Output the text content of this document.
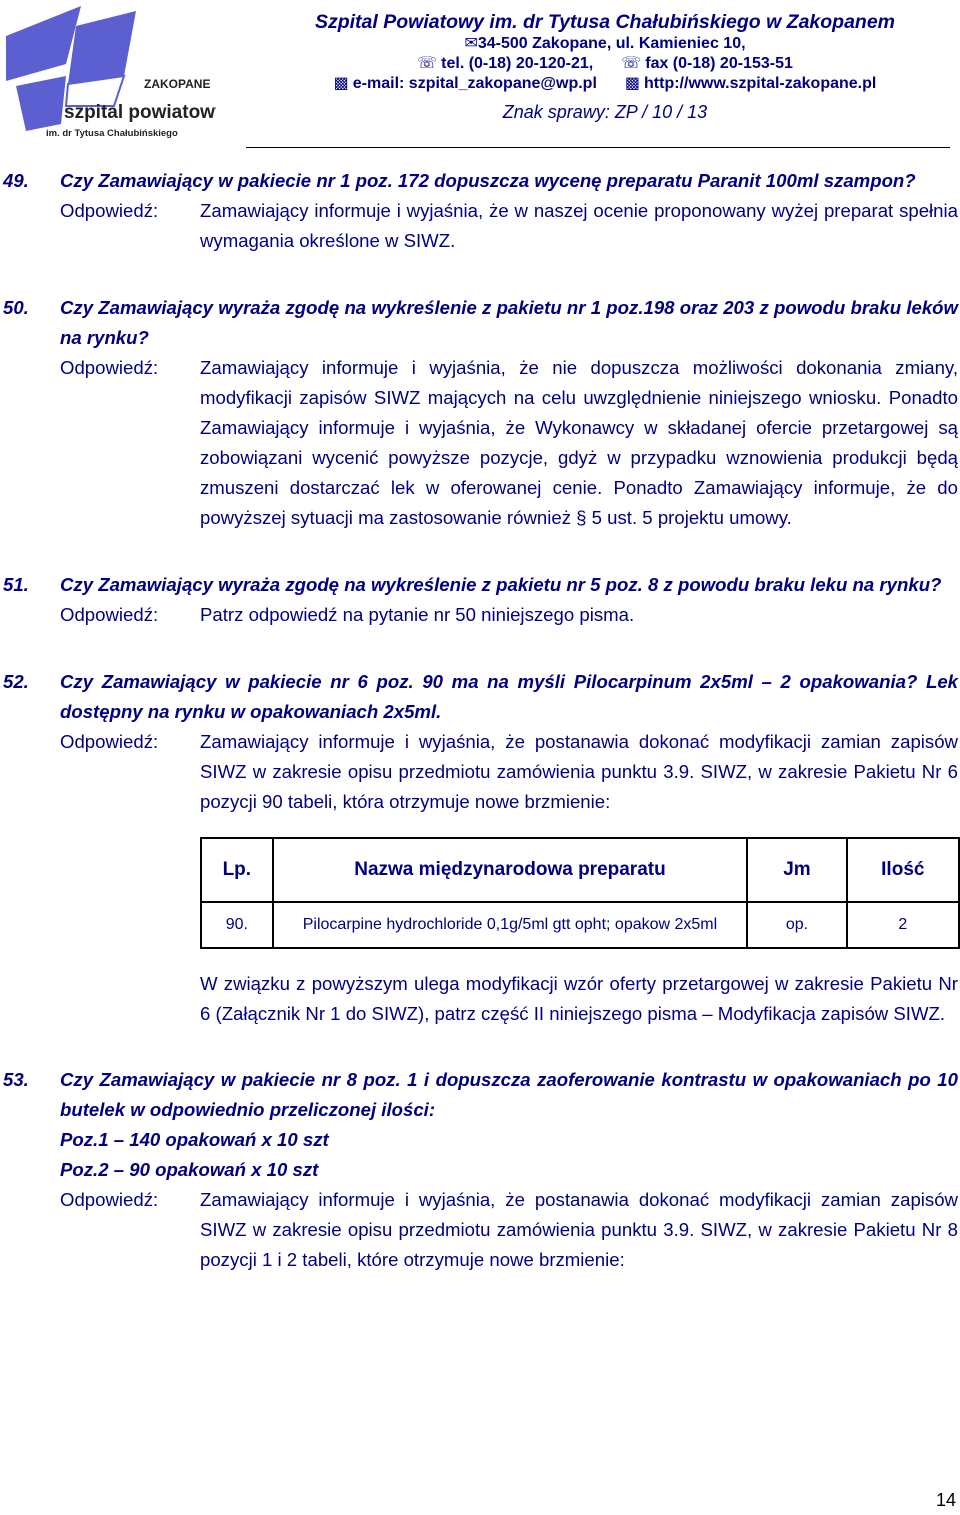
ZAKOPANE
szpital powiatowy
im. dr Tytusa Chałubińskiego
Szpital Powiatowy im. dr Tytusa Chałubińskiego w Zakopanem
✉34-500 Zakopane, ul. Kamieniec 10,
☏ tel. (0-18) 20-120-21, ☏ fax (0-18) 20-153-51
▩ e-mail: szpital_zakopane@wp.pl ▩ http://www.szpital-zakopane.pl
Znak sprawy: ZP / 10 / 13
49.	Czy Zamawiający w pakiecie nr 1 poz. 172 dopuszcza wycenę preparatu Paranit 100ml szampon?
Odpowiedź:	Zamawiający informuje i wyjaśnia, że w naszej ocenie proponowany wyżej preparat spełnia wymagania określone w SIWZ.
50.	Czy Zamawiający wyraża zgodę na wykreślenie z pakietu nr 1 poz.198 oraz 203 z powodu braku leków na rynku?
Odpowiedź:	Zamawiający informuje i wyjaśnia, że nie dopuszcza możliwości dokonania zmiany, modyfikacji zapisów SIWZ mających na celu uwzględnienie niniejszego wniosku. Ponadto Zamawiający informuje i wyjaśnia, że Wykonawcy w składanej ofercie przetargowej są zobowiązani wycenić powyższe pozycje, gdyż w przypadku wznowienia produkcji będą zmuszeni dostarczać lek w oferowanej cenie. Ponadto Zamawiający informuje, że do powyższej sytuacji ma zastosowanie również § 5 ust. 5 projektu umowy.
51.	Czy Zamawiający wyraża zgodę na wykreślenie z pakietu nr 5 poz. 8 z powodu braku leku na rynku?
Odpowiedź:	Patrz odpowiedź na pytanie nr 50 niniejszego pisma.
52.	Czy Zamawiający w pakiecie nr 6 poz. 90 ma na myśli Pilocarpinum 2x5ml – 2 opakowania? Lek dostępny na rynku w opakowaniach 2x5ml.
Odpowiedź:	Zamawiający informuje i wyjaśnia, że postanawia dokonać modyfikacji zamian zapisów SIWZ w zakresie opisu przedmiotu zamówienia punktu 3.9. SIWZ, w zakresie Pakietu Nr 6 pozycji 90 tabeli, która otrzymuje nowe brzmienie:
Lp.	Nazwa międzynarodowa preparatu	Jm	Ilość
90.	Pilocarpine hydrochloride 0,1g/5ml gtt opht; opakow 2x5ml	op.	2
W związku z powyższym ulega modyfikacji wzór oferty przetargowej w zakresie Pakietu Nr 6 (Załącznik Nr 1 do SIWZ), patrz część II niniejszego pisma – Modyfikacja zapisów SIWZ.
53.	Czy Zamawiający w pakiecie nr 8 poz. 1 i dopuszcza zaoferowanie kontrastu w opakowaniach po 10 butelek w odpowiednio przeliczonej ilości:
Poz.1 – 140 opakowań x 10 szt
Poz.2 – 90 opakowań x 10 szt
Odpowiedź:	Zamawiający informuje i wyjaśnia, że postanawia dokonać modyfikacji zamian zapisów SIWZ w zakresie opisu przedmiotu zamówienia punktu 3.9. SIWZ, w zakresie Pakietu Nr 8 pozycji 1 i 2 tabeli, które otrzymuje nowe brzmienie:
14
